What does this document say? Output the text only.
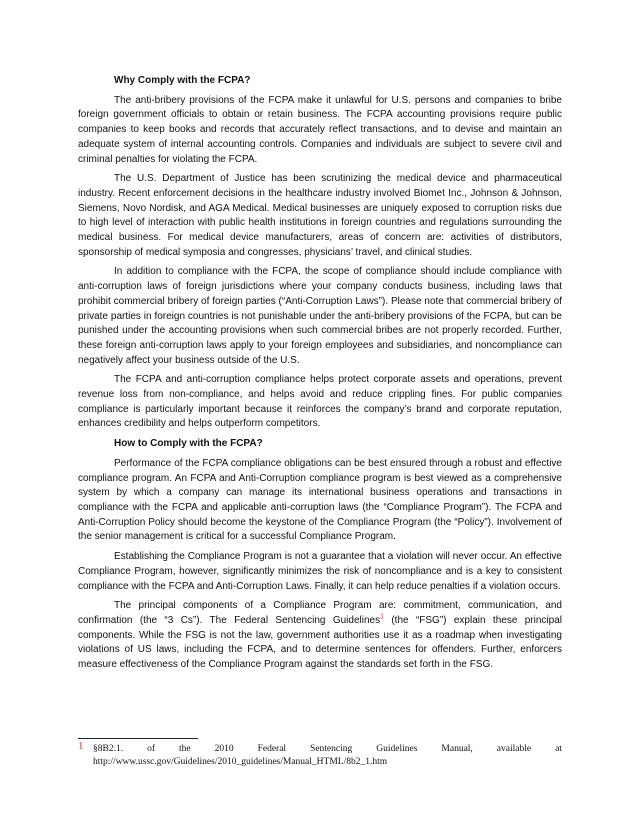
Why Comply with the FCPA?

The anti-bribery provisions of the FCPA make it unlawful for U.S. persons and companies to bribe foreign government officials to obtain or retain business. The FCPA accounting provisions require public companies to keep books and records that accurately reflect transactions, and to devise and maintain an adequate system of internal accounting controls. Companies and individuals are subject to severe civil and criminal penalties for violating the FCPA.

The U.S. Department of Justice has been scrutinizing the medical device and pharmaceutical industry. Recent enforcement decisions in the healthcare industry involved Biomet Inc., Johnson & Johnson, Siemens, Novo Nordisk, and AGA Medical. Medical businesses are uniquely exposed to corruption risks due to high level of interaction with public health institutions in foreign countries and regulations surrounding the medical business. For medical device manufacturers, areas of concern are: activities of distributors, sponsorship of medical symposia and congresses, physicians’ travel, and clinical studies.

In addition to compliance with the FCPA, the scope of compliance should include compliance with anti-corruption laws of foreign jurisdictions where your company conducts business, including laws that prohibit commercial bribery of foreign parties (“Anti-Corruption Laws”). Please note that commercial bribery of private parties in foreign countries is not punishable under the anti-bribery provisions of the FCPA, but can be punished under the accounting provisions when such commercial bribes are not properly recorded. Further, these foreign anti-corruption laws apply to your foreign employees and subsidiaries, and noncompliance can negatively affect your business outside of the U.S.

The FCPA and anti-corruption compliance helps protect corporate assets and operations, prevent revenue loss from non-compliance, and helps avoid and reduce crippling fines. For public companies compliance is particularly important because it reinforces the company’s brand and corporate reputation, enhances credibility and helps outperform competitors.

How to Comply with the FCPA?

Performance of the FCPA compliance obligations can be best ensured through a robust and effective compliance program. An FCPA and Anti-Corruption compliance program is best viewed as a comprehensive system by which a company can manage its international business operations and transactions in compliance with the FCPA and applicable anti-corruption laws (the “Compliance Program”). The FCPA and Anti-Corruption Policy should become the keystone of the Compliance Program (the “Policy”). Involvement of the senior management is critical for a successful Compliance Program.

Establishing the Compliance Program is not a guarantee that a violation will never occur. An effective Compliance Program, however, significantly minimizes the risk of noncompliance and is a key to consistent compliance with the FCPA and Anti-Corruption Laws. Finally, it can help reduce penalties if a violation occurs.

The principal components of a Compliance Program are: commitment, communication, and confirmation (the “3 Cs”). The Federal Sentencing Guidelines$^1$ (the “FSG”) explain these principal components. While the FSG is not the law, government authorities use it as a roadmap when investigating violations of US laws, including the FCPA, and to determine sentences for offenders. Further, enforcers measure effectiveness of the Compliance Program against the standards set forth in the FSG.

1 §8B2.1.	of	the	2010	Federal	Sentencing	Guidelines	Manual,	available	at
http://www.ussc.gov/Guidelines/2010_guidelines/Manual_HTML/8b2_1.htm
